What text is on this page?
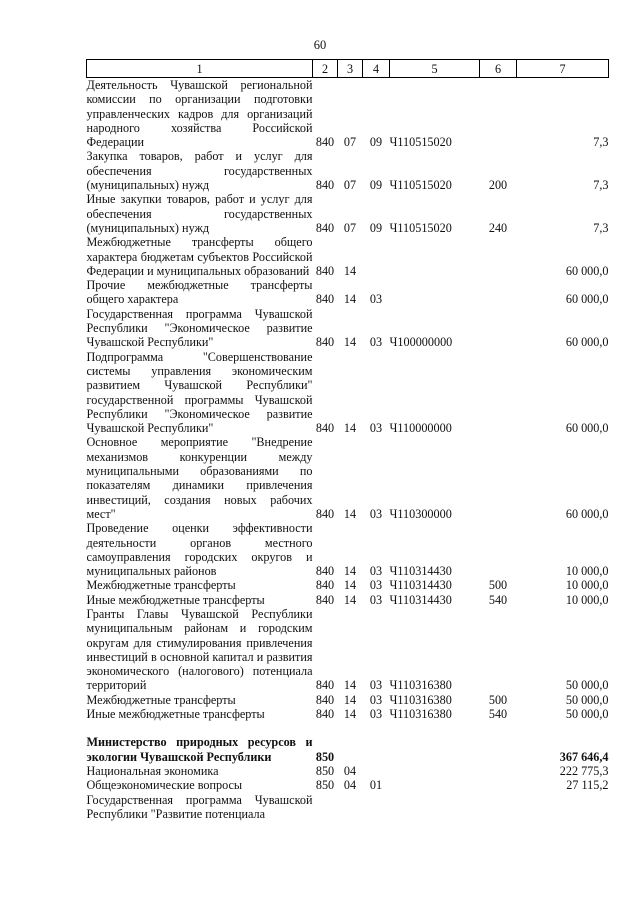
60
1	2	3	4	5	6	7
Деятельность Чувашской региональной комиссии по организации подготовки управленческих кадров для организаций народного хозяйства Российской Федерации	840	07	09	Ч110515020		7,3
Закупка товаров, работ и услуг для обеспечения государственных (муниципальных) нужд	840	07	09	Ч110515020	200	7,3
Иные закупки товаров, работ и услуг для обеспечения государственных (муниципальных) нужд	840	07	09	Ч110515020	240	7,3
Межбюджетные трансферты общего характера бюджетам субъектов Российской Федерации и муниципальных образований	840	14				60 000,0
Прочие межбюджетные трансферты общего характера	840	14	03			60 000,0
Государственная программа Чувашской Республики "Экономическое развитие Чувашской Республики"	840	14	03	Ч100000000		60 000,0
Подпрограмма "Совершенствование системы управления экономическим развитием Чувашской Республики" государственной программы Чувашской Республики "Экономическое развитие Чувашской Республики"	840	14	03	Ч110000000		60 000,0
Основное мероприятие "Внедрение механизмов конкуренции между муниципальными образованиями по показателям динамики привлечения инвестиций, создания новых рабочих мест"	840	14	03	Ч110300000		60 000,0
Проведение оценки эффективности деятельности органов местного самоуправления городских округов и муниципальных районов	840	14	03	Ч110314430		10 000,0
Межбюджетные трансферты	840	14	03	Ч110314430	500	10 000,0
Иные межбюджетные трансферты	840	14	03	Ч110314430	540	10 000,0
Гранты Главы Чувашской Республики муниципальным районам и городским округам для стимулирования привлечения инвестиций в основной капитал и развития экономического (налогового) потенциала территорий	840	14	03	Ч110316380		50 000,0
Межбюджетные трансферты	840	14	03	Ч110316380	500	50 000,0
Иные межбюджетные трансферты	840	14	03	Ч110316380	540	50 000,0

Министерство природных ресурсов и экологии Чувашской Республики	850					367 646,4
Национальная экономика	850	04				222 775,3
Общеэкономические вопросы	850	04	01			27 115,2
Государственная программа Чувашской Республики "Развитие потенциала						
